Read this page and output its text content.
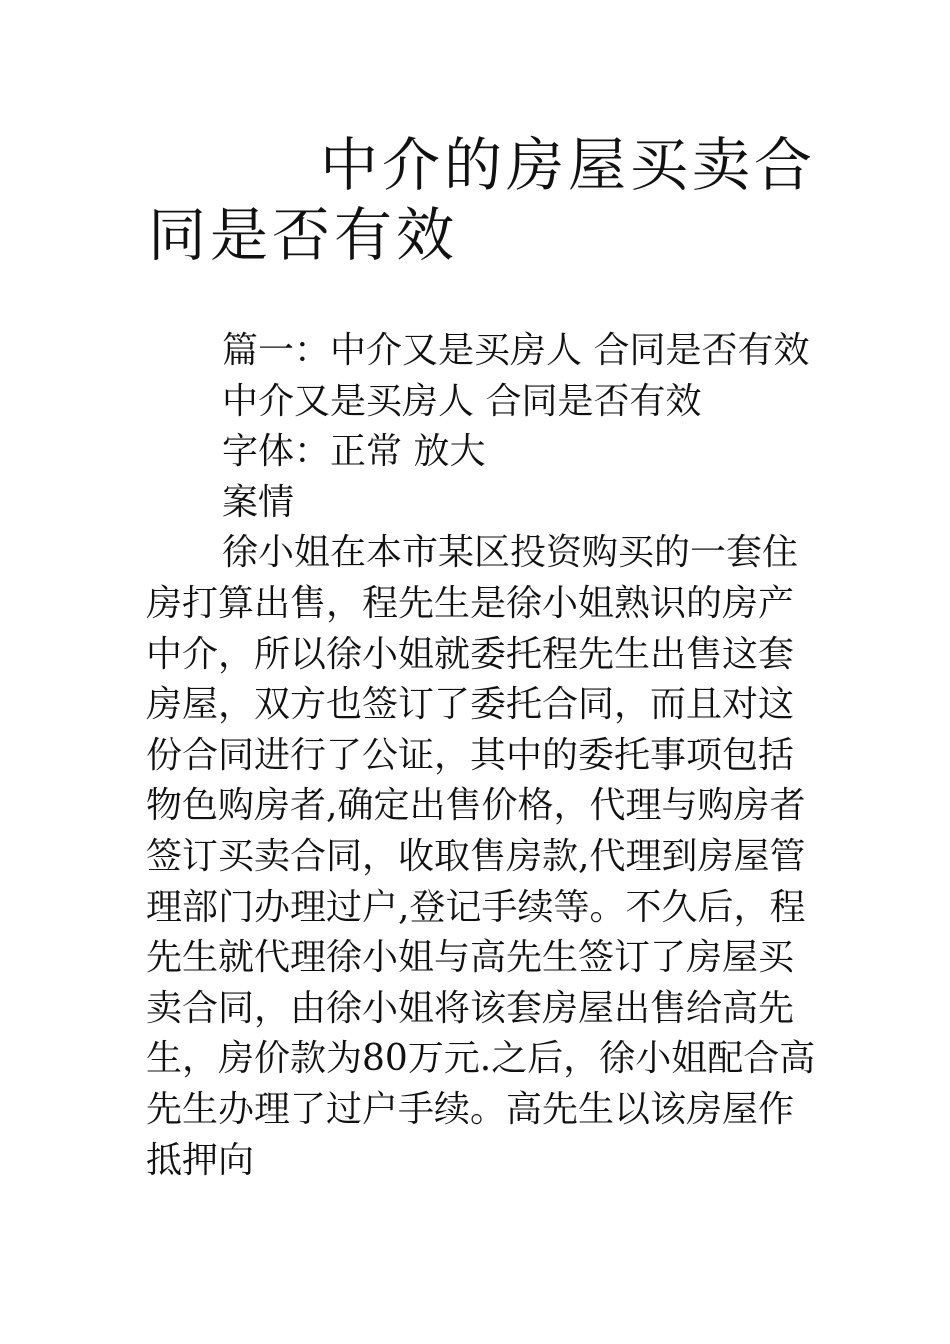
中介的房屋买卖合
同是否有效

篇一：中介又是买房人 合同是否有效

中介又是买房人 合同是否有效

字体：正常 放大

案情

徐小姐在本市某区投资购买的一套住房打算出售，程先生是徐小姐熟识的房产中介，所以徐小姐就委托程先生出售这套房屋，双方也签订了委托合同，而且对这份合同进行了公证，其中的委托事项包括物色购房者,确定出售价格，代理与购房者签订买卖合同，收取售房款,代理到房屋管理部门办理过户,登记手续等。不久后，程先生就代理徐小姐与高先生签订了房屋买卖合同，由徐小姐将该套房屋出售给高先生，房价款为80万元.之后，徐小姐配合高先生办理了过户手续。高先生以该房屋作抵押向
